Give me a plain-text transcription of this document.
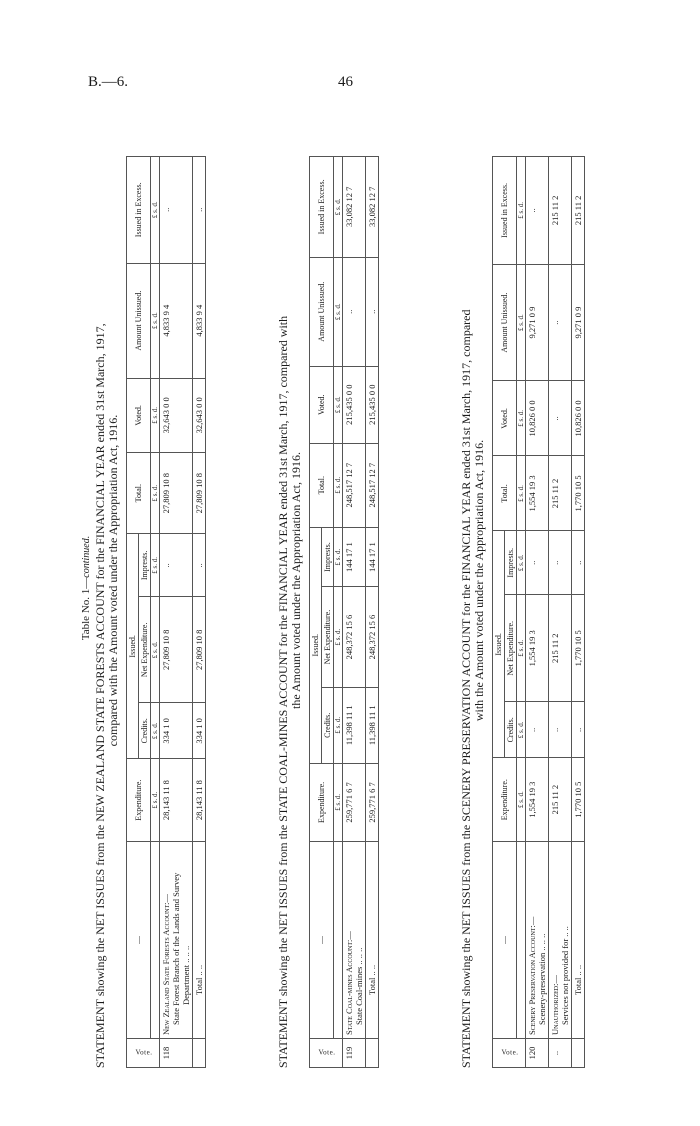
B.—6.	46

Table No. 1—continued. STATEMENT showing the NET ISSUES from the NEW ZEALAND STATE FORESTS ACCOUNT for the FINANCIAL YEAR ended 31st March, 1917, compared with the Amount voted under the Appropriation Act, 1916.
Vote.	—	Expenditure.	Issued.			Total.	Voted.	Amount Unissued.	Issued in Excess.
			Credits.	Net Expenditure.	Imprests.				
		£ s. d.	£ s. d.	£ s. d.	£ s. d.	£ s. d.	£ s. d.	£ s. d.	£ s. d.
118	New Zealand State Forests Account:— State Forest Branch of the Lands and Survey Department .. .. ..	28,143 11 8	334 1 0	27,809 10 8	..	27,809 10 8	32,643 0 0	4,833 9 4	..

	Total .. ..	28,143 11 8	334 1 0	27,809 10 8	..	27,809 10 8	32,643 0 0	4,833 9 4	..
STATEMENT showing the NET ISSUES from the STATE COAL-MINES ACCOUNT for the FINANCIAL YEAR ended 31st March, 1917, compared with the Amount voted under the Appropriation Act, 1916.
Vote.	—	Expenditure.	Issued.			Total.	Voted.	Amount Unissued.	Issued in Excess.
			Credits.	Net Expenditure.	Imprests.				
		£ s. d.	£ s. d.	£ s. d.	£ s. d.	£ s. d.	£ s. d.	£ s. d.	£ s. d.
119	State Coal-mines Account:— State Coal-mines .. .. ..	259,771 6 7	11,398 11 1	248,372 15 6	144 17 1	248,517 12 7	215,435 0 0	..	33,082 12 7

	Total .. ..	259,771 6 7	11,398 11 1	248,372 15 6	144 17 1	248,517 12 7	215,435 0 0	..	33,082 12 7
STATEMENT showing the NET ISSUES from the SCENERY PRESERVATION ACCOUNT for the FINANCIAL YEAR ended 31st March, 1917, compared with the Amount voted under the Appropriation Act, 1916.
Vote.	—	Expenditure.	Issued.			Total.	Voted.	Amount Unissued.	Issued in Excess.
			Credits.	Net Expenditure.	Imprests.				
		£ s. d.	£ s. d.	£ s. d.	£ s. d.	£ s. d.	£ s. d.	£ s. d.	£ s. d.
120	Scenery Preservation Account:— Scenery-preservation .. .. ..	1,554 19 3	..	1,554 19 3	..	1,554 19 3	10,826 0 0	9,271 0 9	..
..	Unauthorized:— Services not provided for .. ..	215 11 2	..	215 11 2	..	215 11 2	..	..	215 11 2

	Total .. ..	1,770 10 5	..	1,770 10 5	..	1,770 10 5	10,826 0 0	9,271 0 9	215 11 2
